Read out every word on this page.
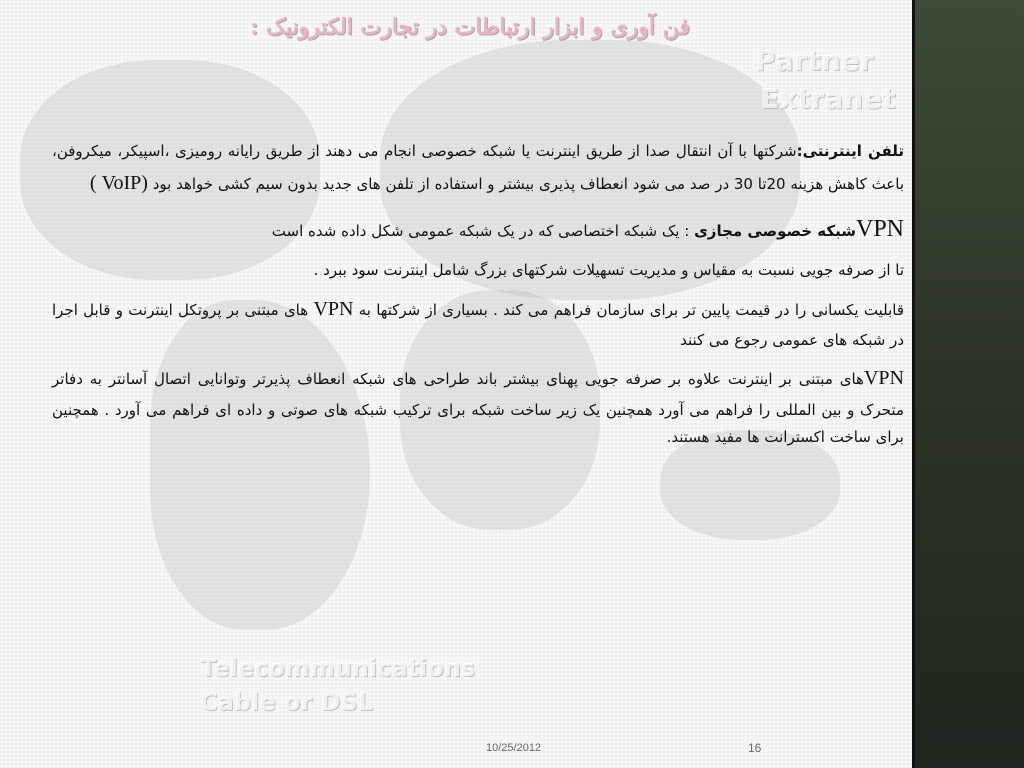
Partner
Extranet
Telecommunications
Cable or DSL
فن آوری و ابزار ارتباطات در تجارت الکترونیک :

تلفن اینترنتی:شرکتها با آن انتقال صدا از طریق اینترنت یا شبکه خصوصی انجام می دهند از طریق رایانه رومیزی ،اسپیکر، میکروفن، باعث کاهش هزینه 20تا 30 در صد می شود انعطاف پذیری بیشتر و استفاده از تلفن های جدید بدون سیم کشی خواهد بود (VoIP )

VPNشبکه خصوصی مجازی : یک شبکه اختصاصی که در یک شبکه عمومی شکل داده شده است

تا از صرفه جویی نسبت به مقیاس و مدیریت تسهیلات شرکتهای بزرگ شامل اینترنت سود ببرد .

قابلیت یکسانی را در قیمت پایین تر برای سازمان فراهم می کند . بسیاری از شرکتها به VPN های مبتنی بر پروتکل اینترنت و قابل اجرا در شبکه های عمومی رجوع می کنند

VPNهای مبتنی بر اینترنت علاوه بر صرفه جویی پهنای بیشتر باند طراحی های شبکه انعطاف پذیرتر وتوانایی اتصال آسانتر به دفاتر متحرک و بین المللی را فراهم می آورد همچنین یک زیر ساخت شبکه برای ترکیب شبکه های صوتی و داده ای فراهم می آورد . همچنین برای ساخت اکسترانت ها مفید هستند.

10/25/2012	16
